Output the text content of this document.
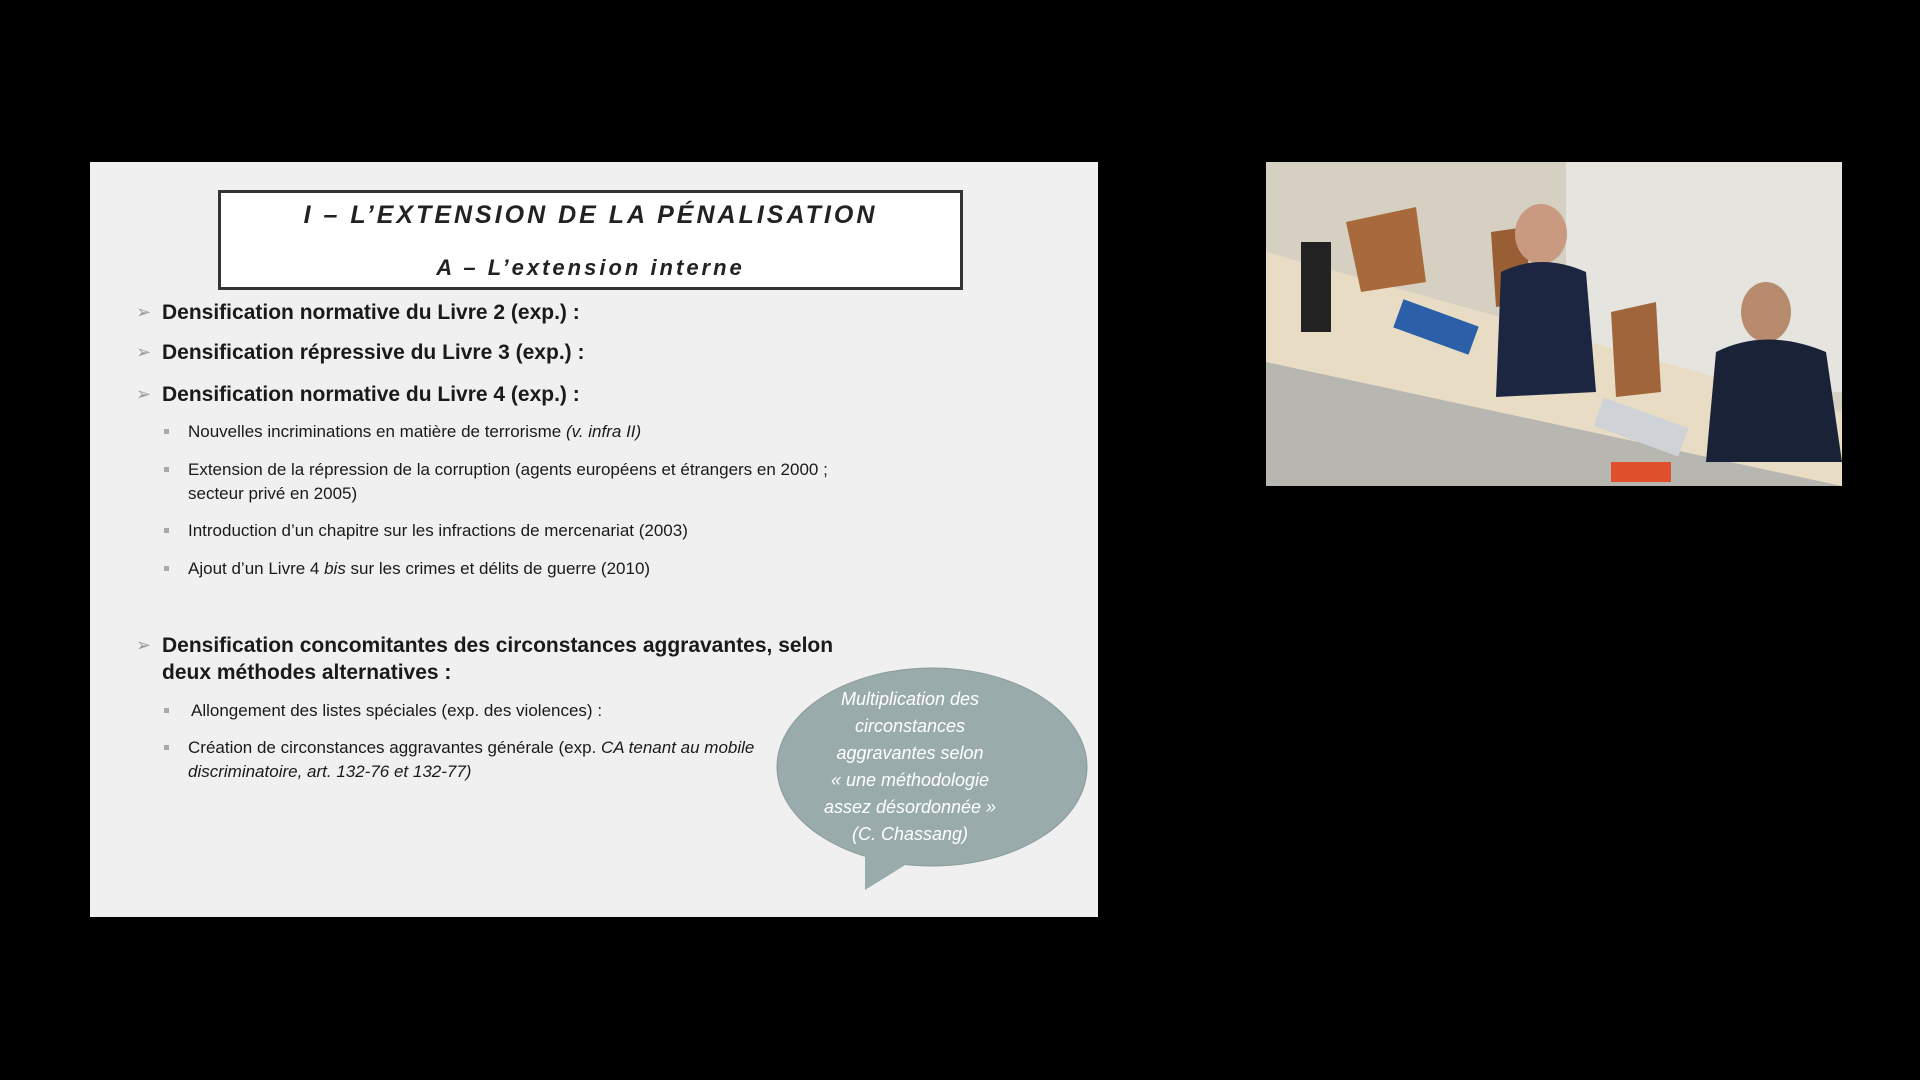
I – L’EXTENSION DE LA PÉNALISATION
A – L’extension interne
➢ Densification normative du Livre 2 (exp.) :
➢ Densification répressive du Livre 3 (exp.) :
➢ Densification normative du Livre 4 (exp.) :
Nouvelles incriminations en matière de terrorisme (v. infra II)
Extension de la répression de la corruption (agents européens et étrangers en 2000 ; secteur privé en 2005)
Introduction d’un chapitre sur les infractions de mercenariat (2003)
Ajout d’un Livre 4 bis sur les crimes et délits de guerre (2010)
➢ Densification concomitantes des circonstances aggravantes, selon deux méthodes alternatives :
Allongement des listes spéciales (exp. des violences) :
Création de circonstances aggravantes générale (exp. CA tenant au mobile discriminatoire, art. 132-76 et 132-77)
Multiplication des
circonstances
aggravantes selon
« une méthodologie
assez désordonnée »
(C. Chassang)
